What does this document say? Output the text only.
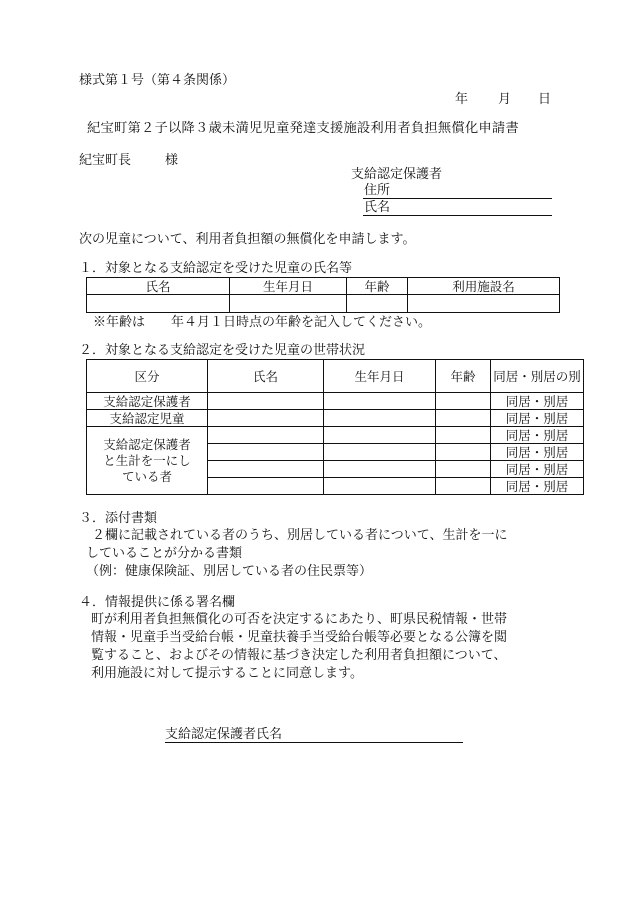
様式第１号（第４条関係）
年 月 日
紀宝町第２子以降３歳未満児児童発達支援施設利用者負担無償化申請書
紀宝町長	様
支給認定保護者
住所
氏名
次の児童について、利用者負担額の無償化を申請します。
１．対象となる支給認定を受けた児童の氏名等
氏名	生年月日	年齢	利用施設名

※年齢は　　年４月１日時点の年齢を記入してください。
２．対象となる支給認定を受けた児童の世帯状況
区分	氏名	生年月日	年齢	同居・別居の別
支給認定保護者				同居・別居
支給認定児童				同居・別居

支給認定保護者
と生計を一にし
ている者				同居・別居
				同居・別居
				同居・別居
				同居・別居
３．添付書類
２欄に記載されている者のうち、別居している者について、生計を一に
していることが分かる書類
（例：健康保険証、別居している者の住民票等）
４．情報提供に係る署名欄
町が利用者負担無償化の可否を決定するにあたり、町県民税情報・世帯
情報・児童手当受給台帳・児童扶養手当受給台帳等必要となる公簿を閲
覧すること、およびその情報に基づき決定した利用者負担額について、
利用施設に対して提示することに同意します。
支給認定保護者氏名
